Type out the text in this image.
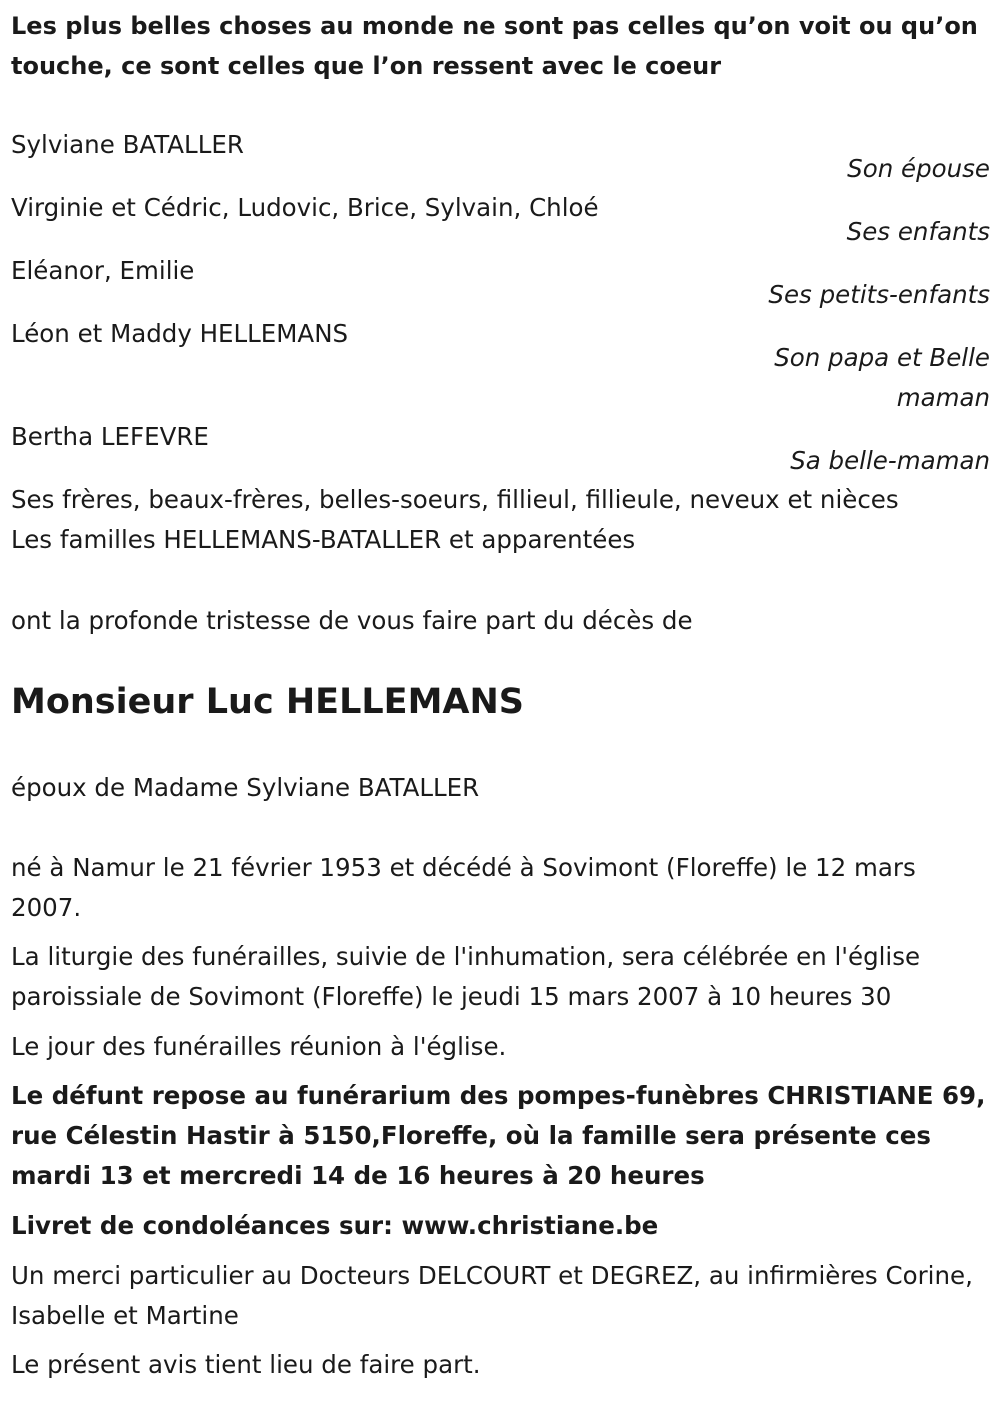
Les plus belles choses au monde ne sont pas celles qu’on voit ou qu’on touche, ce sont celles que l’on ressent avec le coeur

Sylviane BATALLER
Son épouse
Virginie et Cédric, Ludovic, Brice, Sylvain, Chloé
Ses enfants
Eléanor, Emilie
Ses petits-enfants
Léon et Maddy HELLEMANS
Son papa et Belle
maman
Bertha LEFEVRE
Sa belle-maman

Ses frères, beaux-frères, belles-soeurs, fillieul, fillieule, neveux et nièces

Les familles HELLEMANS-BATALLER et apparentées

ont la profonde tristesse de vous faire part du décès de

Monsieur Luc HELLEMANS

époux de Madame Sylviane BATALLER

né à Namur le 21 février 1953 et décédé à Sovimont (Floreffe) le 12 mars 2007.

La liturgie des funérailles, suivie de l'inhumation, sera célébrée en l'église paroissiale de Sovimont (Floreffe) le jeudi 15 mars 2007 à 10 heures 30

Le jour des funérailles réunion à l'église.

Le défunt repose au funérarium des pompes-funèbres CHRISTIANE 69, rue Célestin Hastir à 5150,Floreffe, où la famille sera présente ces mardi 13 et mercredi 14 de 16 heures à 20 heures

Livret de condoléances sur: www.christiane.be

Un merci particulier au Docteurs DELCOURT et DEGREZ, au infirmières Corine, Isabelle et Martine

Le présent avis tient lieu de faire part.
